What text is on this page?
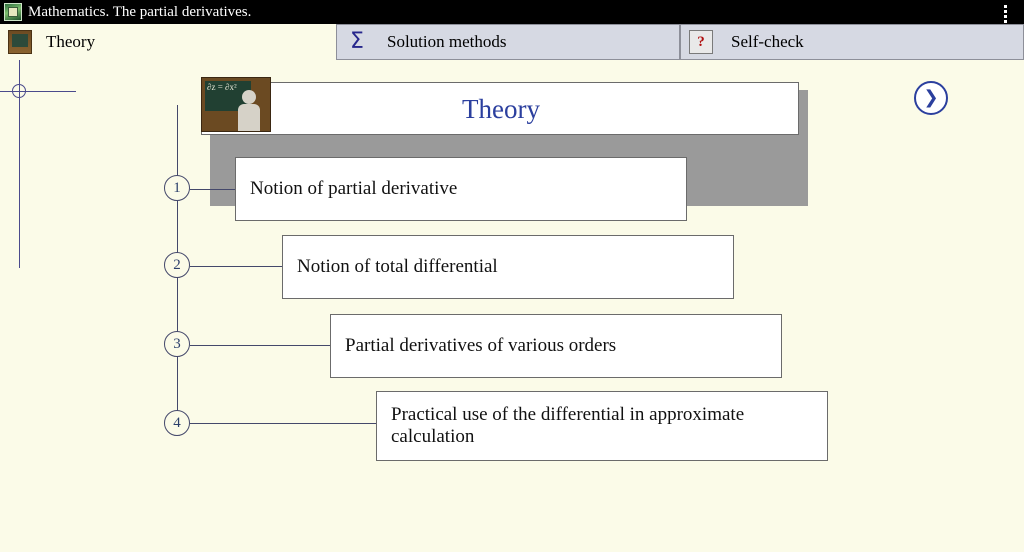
Mathematics. The partial derivatives.
Theory	Σ Solution methods	?	Self-check
Theory
∂z = ∂x²
1	Notion of partial derivative
2	Notion of total differential
3	Partial derivatives of various orders
4	Practical use of the differential in approximate calculation
❯
